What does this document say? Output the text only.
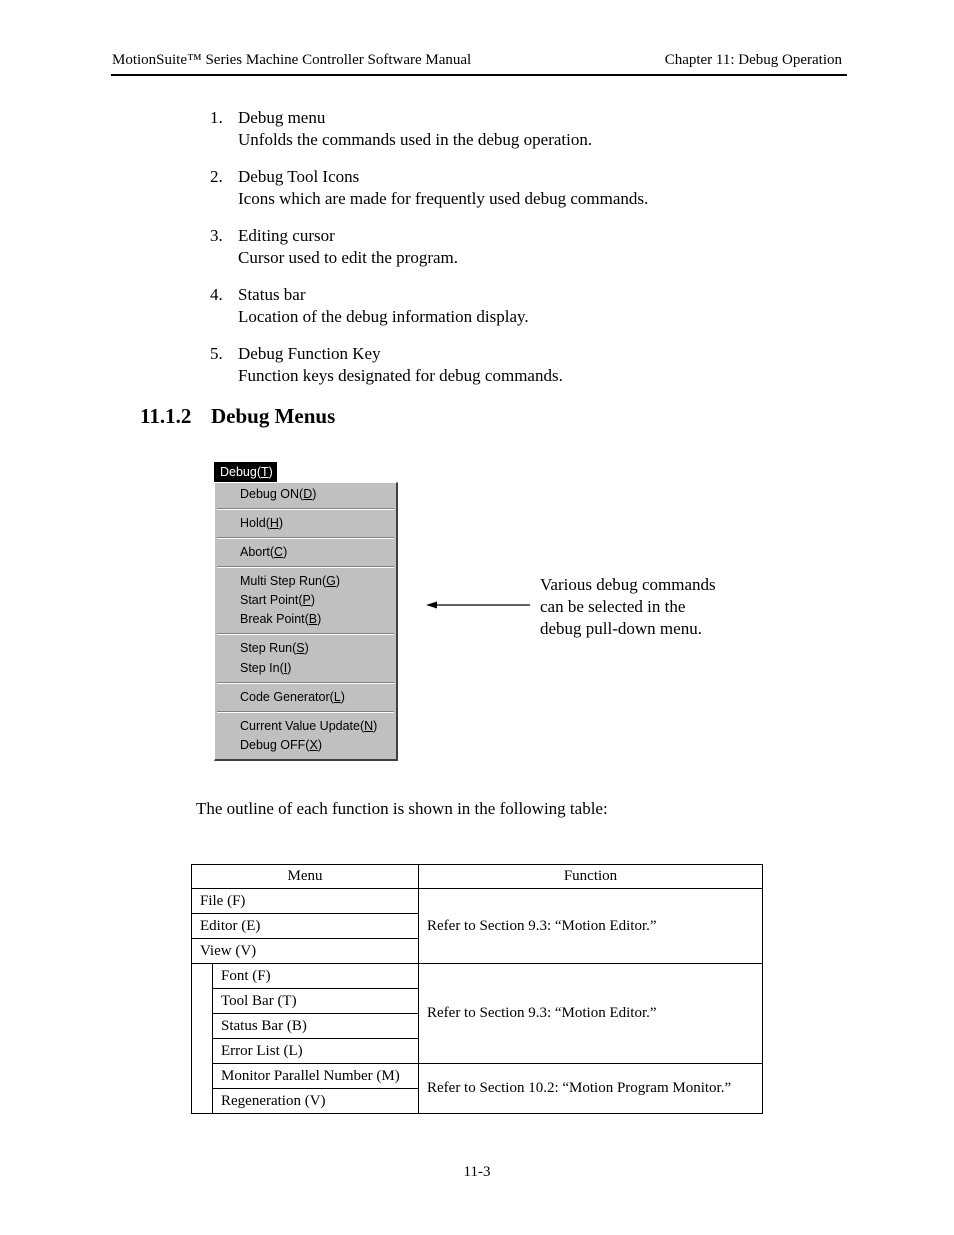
MotionSuite™ Series Machine Controller Software Manual	Chapter 11: Debug Operation
1. Debug menu
Unfolds the commands used in the debug operation.
2. Debug Tool Icons
Icons which are made for frequently used debug commands.
3. Editing cursor
Cursor used to edit the program.
4. Status bar
Location of the debug information display.
5. Debug Function Key
Function keys designated for debug commands.
11.1.2 Debug Menus
Debug(T)
Debug ON(D)
Hold(H)
Abort(C)
Multi Step Run(G)
Start Point(P)
Break Point(B)
Step Run(S)
Step In(I)
Code Generator(L)
Current Value Update(N)
Debug OFF(X)
Various debug commands
can be selected in the
debug pull-down menu.
The outline of each function is shown in the following table:
Menu		Function
File (F)		Refer to Section 9.3: “Motion Editor.”
Editor (E)		
View (V)		
	Font (F)	Refer to Section 9.3: “Motion Editor.”
	Tool Bar (T)	
	Status Bar (B)	
	Error List (L)	
	Monitor Parallel Number (M)	Refer to Section 10.2: “Motion Program Monitor.”
	Regeneration (V)	
11-3
